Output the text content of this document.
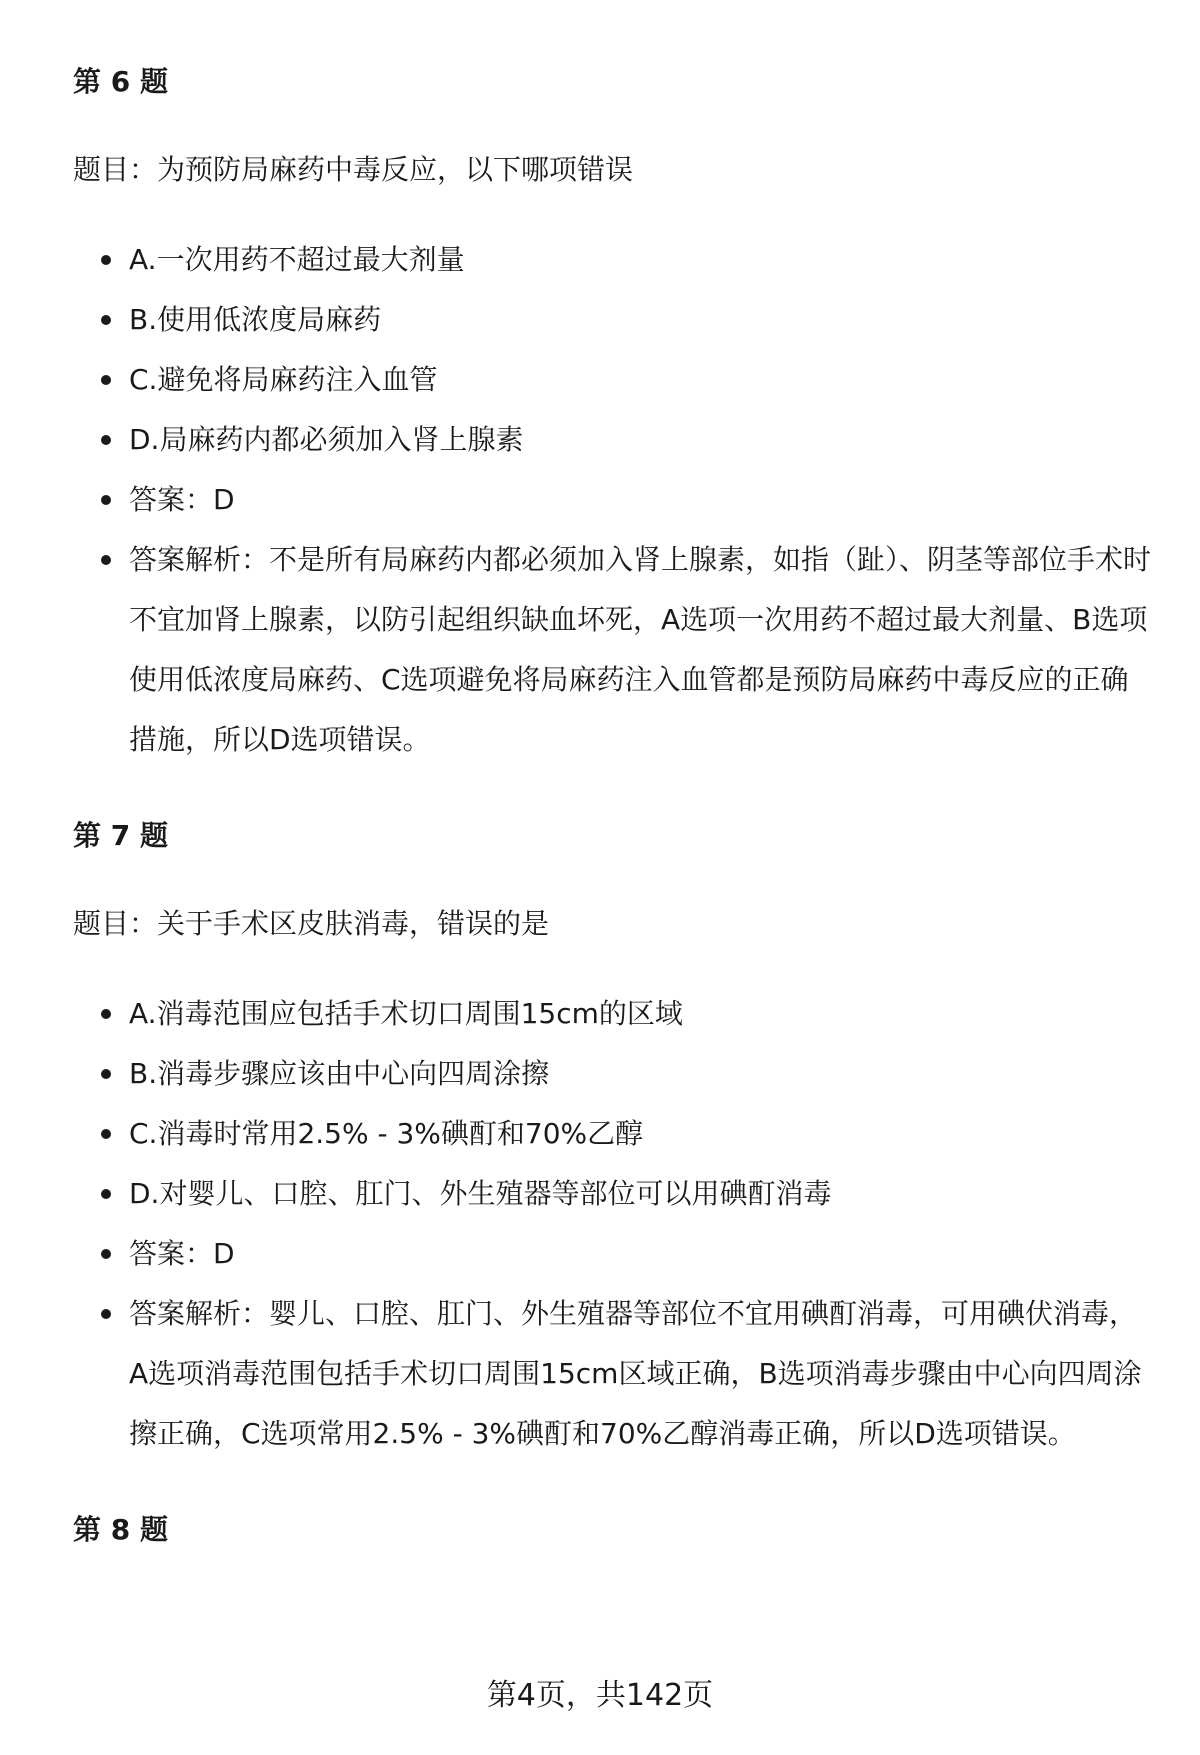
第 6 题

题目：为预防局麻药中毒反应，以下哪项错误

A.一次用药不超过最大剂量
B.使用低浓度局麻药
C.避免将局麻药注入血管
D.局麻药内都必须加入肾上腺素
答案：D
答案解析：不是所有局麻药内都必须加入肾上腺素，如指（趾）、阴茎等部位手术时不宜加肾上腺素，以防引起组织缺血坏死，A选项一次用药不超过最大剂量、B选项使用低浓度局麻药、C选项避免将局麻药注入血管都是预防局麻药中毒反应的正确措施，所以D选项错误。
第 7 题

题目：关于手术区皮肤消毒，错误的是

A.消毒范围应包括手术切口周围15cm的区域
B.消毒步骤应该由中心向四周涂擦
C.消毒时常用2.5% - 3%碘酊和70%乙醇
D.对婴儿、口腔、肛门、外生殖器等部位可以用碘酊消毒
答案：D
答案解析：婴儿、口腔、肛门、外生殖器等部位不宜用碘酊消毒，可用碘伏消毒，A选项消毒范围包括手术切口周围15cm区域正确，B选项消毒步骤由中心向四周涂擦正确，C选项常用2.5% - 3%碘酊和70%乙醇消毒正确，所以D选项错误。
第 8 题

第4页，共142页
